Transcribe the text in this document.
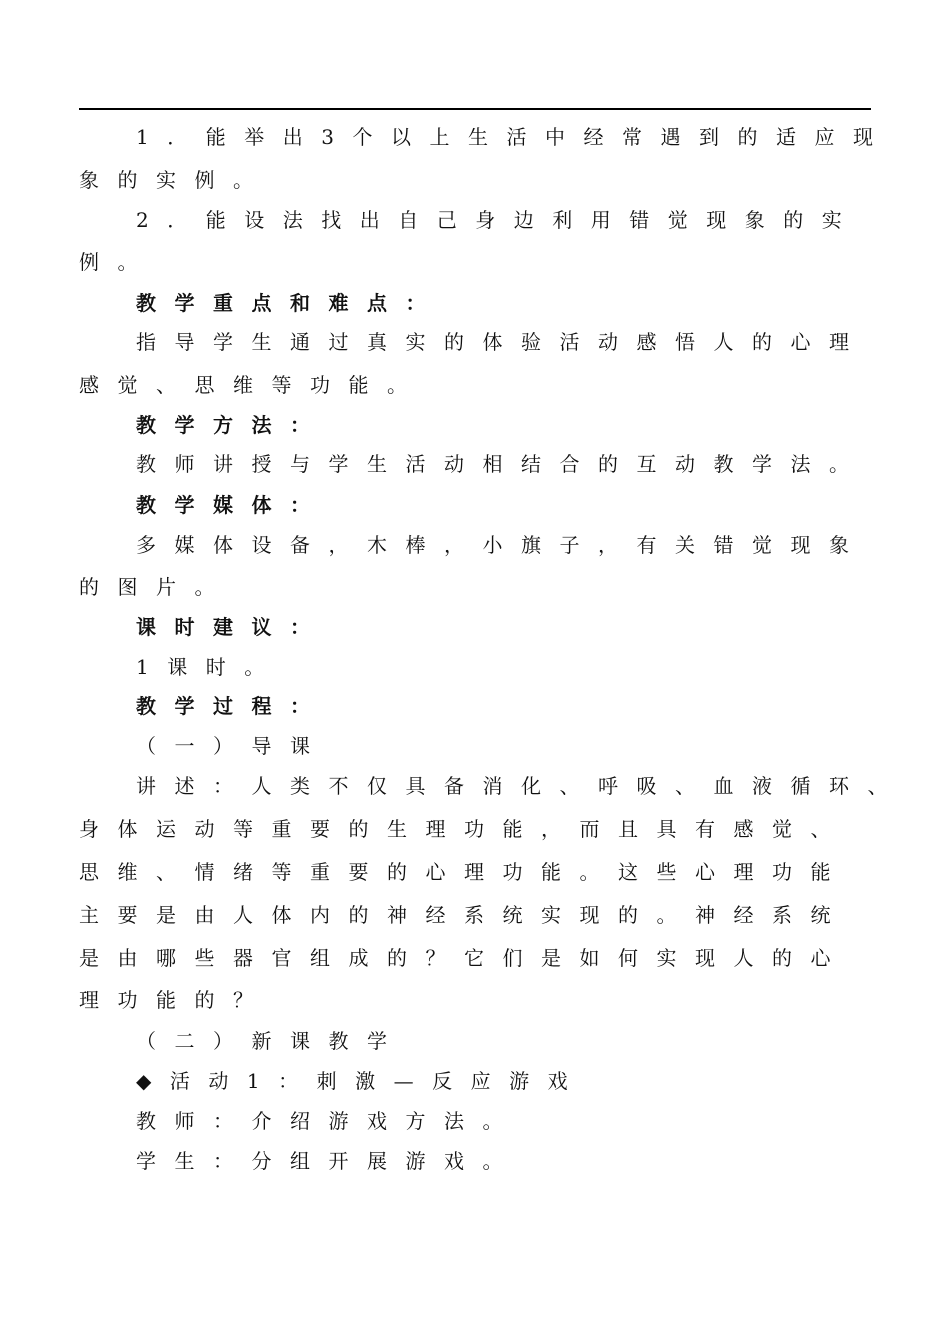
1．能举出3个以上生活中经常遇到的适应现
象的实例。
2．能设法找出自己身边利用错觉现象的实
例。
教学重点和难点：
指导学生通过真实的体验活动感悟人的心理
感觉、思维等功能。
教学方法：
教师讲授与学生活动相结合的互动教学法。
教学媒体：
多媒体设备，木棒，小旗子，有关错觉现象
的图片。
课时建议：
1课时。
教学过程：
（一）导课
讲述：人类不仅具备消化、呼吸、血液循环、
身体运动等重要的生理功能，而且具有感觉、
思维、情绪等重要的心理功能。这些心理功能
主要是由人体内的神经系统实现的。神经系统
是由哪些器官组成的？它们是如何实现人的心
理功能的？
（二）新课教学
◆活动1：刺激—反应游戏
教师：介绍游戏方法。
学生：分组开展游戏。
